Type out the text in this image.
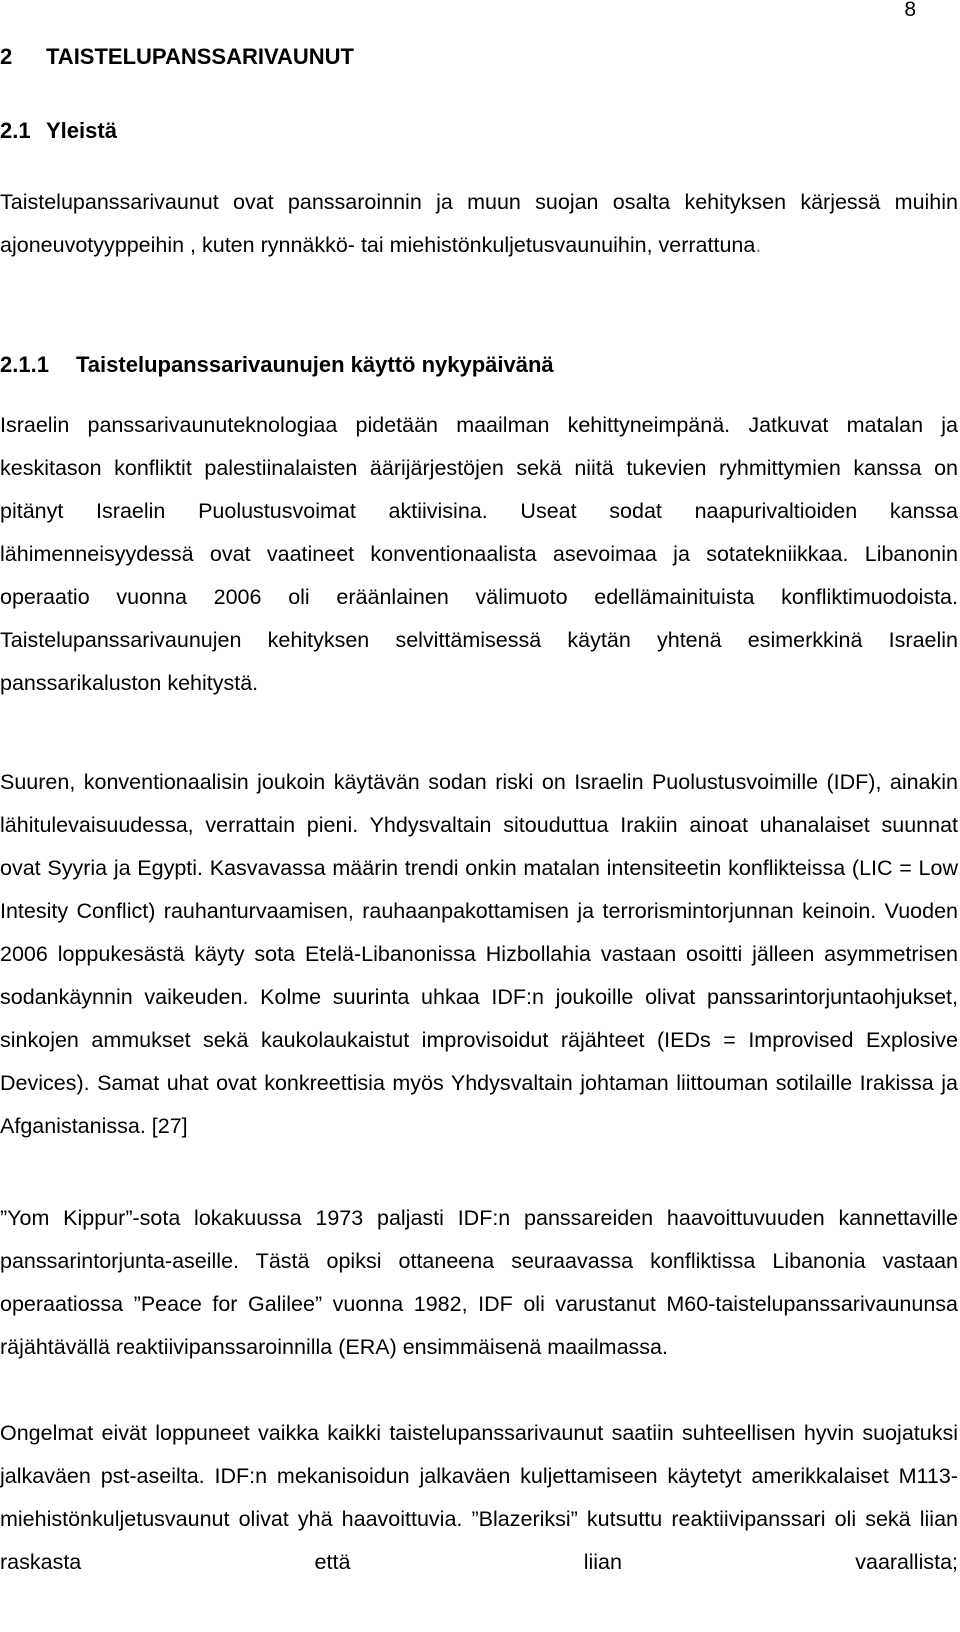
8
2 TAISTELUPANSSARIVAUNUT
2.1 Yleistä

Taistelupanssarivaunut ovat panssaroinnin ja muun suojan osalta kehityksen kärjessä muihin ajoneuvotyyppeihin , kuten rynnäkkö- tai miehistönkuljetusvaunuihin, verrattuna.

2.1.1 Taistelupanssarivaunujen käyttö nykypäivänä

Israelin panssarivaunuteknologiaa pidetään maailman kehittyneimpänä. Jatkuvat matalan ja keskitason konfliktit palestiinalaisten äärijärjestöjen sekä niitä tukevien ryhmittymien kanssa on pitänyt Israelin Puolustusvoimat aktiivisina. Useat sodat naapurivaltioiden kanssa lähimenneisyydessä ovat vaatineet konventionaalista asevoimaa ja sotatekniikkaa. Libanonin operaatio vuonna 2006 oli eräänlainen välimuoto edellämainituista konfliktimuodoista. Taistelupanssarivaunujen kehityksen selvittämisessä käytän yhtenä esimerkkinä Israelin panssarikaluston kehitystä.

Suuren, konventionaalisin joukoin käytävän sodan riski on Israelin Puolustusvoimille (IDF), ainakin lähitulevaisuudessa, verrattain pieni. Yhdysvaltain sitouduttua Irakiin ainoat uhanalaiset suunnat ovat Syyria ja Egypti. Kasvavassa määrin trendi onkin matalan intensiteetin konflikteissa (LIC = Low Intesity Conflict) rauhanturvaamisen, rauhaanpakottamisen ja terrorismintorjunnan keinoin. Vuoden 2006 loppukesästä käyty sota Etelä-Libanonissa Hizbollahia vastaan osoitti jälleen asymmetrisen sodankäynnin vaikeuden. Kolme suurinta uhkaa IDF:n joukoille olivat panssarintorjuntaohjukset, sinkojen ammukset sekä kaukolaukaistut improvisoidut räjähteet (IEDs = Improvised Explosive Devices). Samat uhat ovat konkreettisia myös Yhdysvaltain johtaman liittouman sotilaille Irakissa ja Afganistanissa. [27]

”Yom Kippur”-sota lokakuussa 1973 paljasti IDF:n panssareiden haavoittuvuuden kannettaville panssarintorjunta-aseille. Tästä opiksi ottaneena seuraavassa konfliktissa Libanonia vastaan operaatiossa ”Peace for Galilee” vuonna 1982, IDF oli varustanut M60-taistelupanssarivaununsa räjähtävällä reaktiivipanssaroinnilla (ERA) ensimmäisenä maailmassa.

Ongelmat eivät loppuneet vaikka kaikki taistelupanssarivaunut saatiin suhteellisen hyvin suojatuksi jalkaväen pst-aseilta. IDF:n mekanisoidun jalkaväen kuljettamiseen käytetyt amerikkalaiset M113-miehistönkuljetusvaunut olivat yhä haavoittuvia. ”Blazeriksi” kutsuttu reaktiivipanssari oli sekä liian raskasta että liian vaarallista;
